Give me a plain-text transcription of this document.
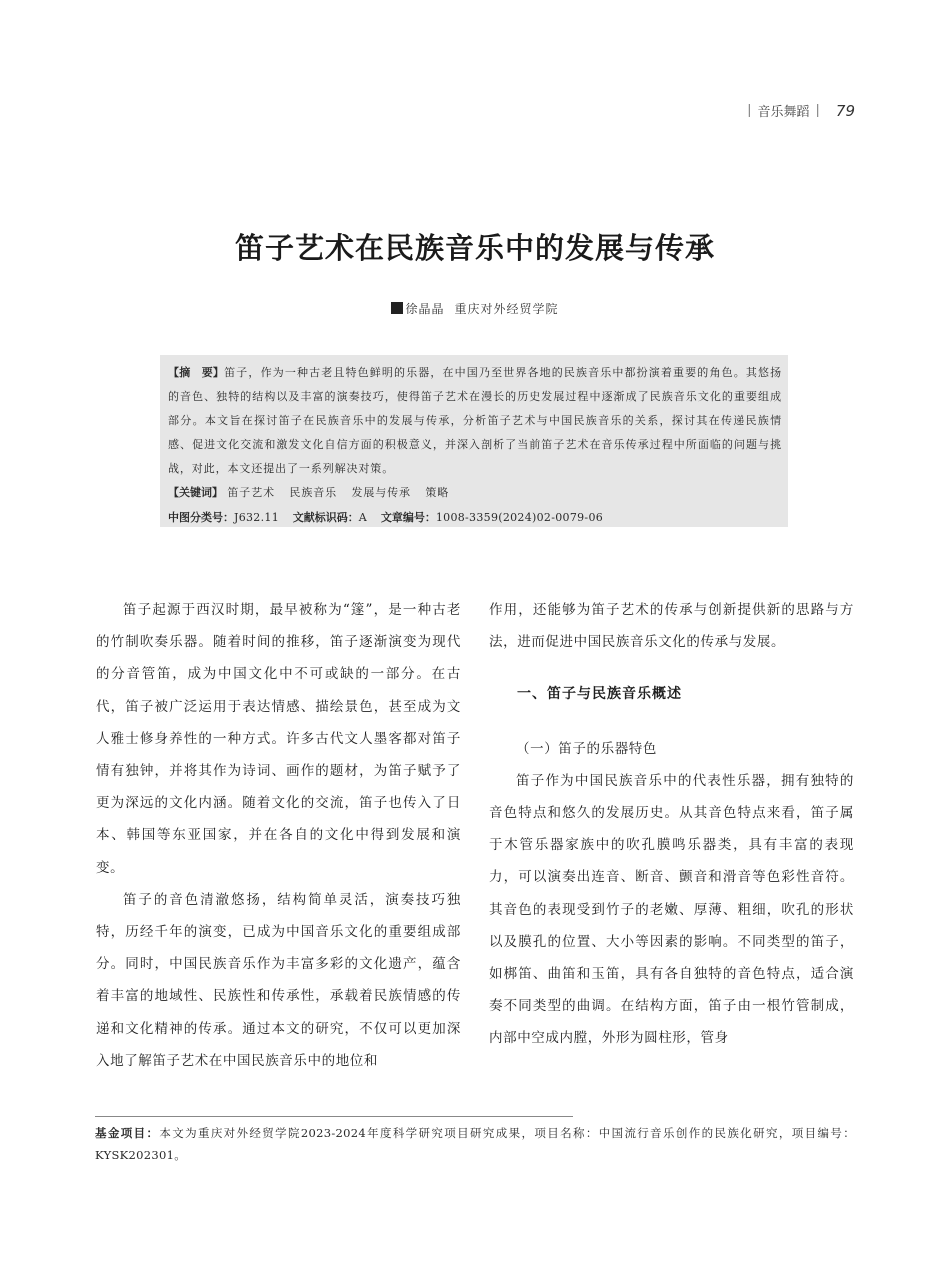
| 音乐舞蹈 | 79
笛子艺术在民族音乐中的发展与传承
徐晶晶 重庆对外经贸学院
【摘　要】笛子，作为一种古老且特色鲜明的乐器，在中国乃至世界各地的民族音乐中都扮演着重要的角色。其悠扬的音色、独特的结构以及丰富的演奏技巧，使得笛子艺术在漫长的历史发展过程中逐渐成了民族音乐文化的重要组成部分。本文旨在探讨笛子在民族音乐中的发展与传承，分析笛子艺术与中国民族音乐的关系，探讨其在传递民族情感、促进文化交流和激发文化自信方面的积极意义，并深入剖析了当前笛子艺术在音乐传承过程中所面临的问题与挑战，对此，本文还提出了一系列解决对策。
【关键词】 笛子艺术 民族音乐 发展与传承 策略
中图分类号：J632.11 文献标识码：A 文章编号：1008-3359(2024)02-0079-06

笛子起源于西汉时期，最早被称为“篴”，是一种古老的竹制吹奏乐器。随着时间的推移，笛子逐渐演变为现代的分音管笛，成为中国文化中不可或缺的一部分。在古代，笛子被广泛运用于表达情感、描绘景色，甚至成为文人雅士修身养性的一种方式。许多古代文人墨客都对笛子情有独钟，并将其作为诗词、画作的题材，为笛子赋予了更为深远的文化内涵。随着文化的交流，笛子也传入了日本、韩国等东亚国家，并在各自的文化中得到发展和演变。

笛子的音色清澈悠扬，结构简单灵活，演奏技巧独特，历经千年的演变，已成为中国音乐文化的重要组成部分。同时，中国民族音乐作为丰富多彩的文化遗产，蕴含着丰富的地域性、民族性和传承性，承载着民族情感的传递和文化精神的传承。通过本文的研究，不仅可以更加深入地了解笛子艺术在中国民族音乐中的地位和

作用，还能够为笛子艺术的传承与创新提供新的思路与方法，进而促进中国民族音乐文化的传承与发展。

一、笛子与民族音乐概述

（一）笛子的乐器特色

笛子作为中国民族音乐中的代表性乐器，拥有独特的音色特点和悠久的发展历史。从其音色特点来看，笛子属于木管乐器家族中的吹孔膜鸣乐器类，具有丰富的表现力，可以演奏出连音、断音、颤音和滑音等色彩性音符。其音色的表现受到竹子的老嫩、厚薄、粗细，吹孔的形状以及膜孔的位置、大小等因素的影响。不同类型的笛子，如梆笛、曲笛和玉笛，具有各自独特的音色特点，适合演奏不同类型的曲调。在结构方面，笛子由一根竹管制成，内部中空成内膛，外形为圆柱形，管身

基金项目：本文为重庆对外经贸学院2023-2024年度科学研究项目研究成果，项目名称：中国流行音乐创作的民族化研究，项目编号：KYSK202301。
